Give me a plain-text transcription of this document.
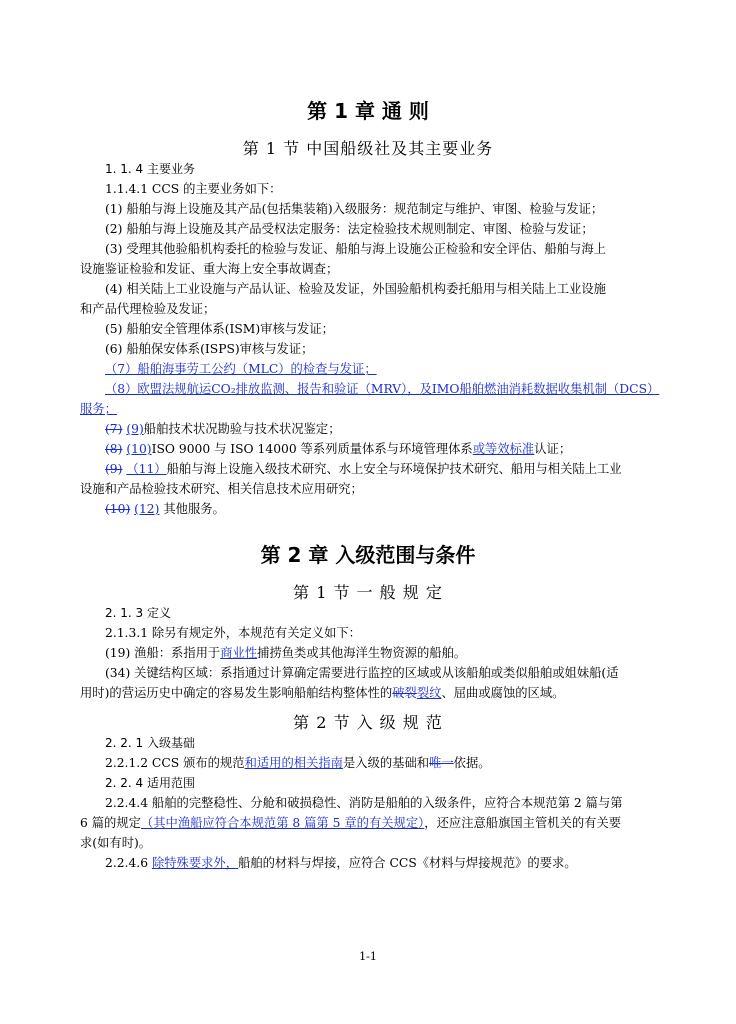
第 1 章 通 则
第 1 节 中国船级社及其主要业务
1. 1. 4 主要业务
1.1.4.1 CCS 的主要业务如下：
(1) 船舶与海上设施及其产品(包括集装箱)入级服务：规范制定与维护、审图、检验与发证；
(2) 船舶与海上设施及其产品受权法定服务：法定检验技术规则制定、审图、检验与发证；
(3) 受理其他验船机构委托的检验与发证、船舶与海上设施公正检验和安全评估、船舶与海上
设施鉴证检验和发证、重大海上安全事故调查；
(4) 相关陆上工业设施与产品认证、检验及发证，外国验船机构委托船用与相关陆上工业设施
和产品代理检验及发证；
(5) 船舶安全管理体系(ISM)审核与发证；
(6) 船舶保安体系(ISPS)审核与发证；
（7）船舶海事劳工公约（MLC）的检查与发证；
（8）欧盟法规航运CO₂排放监测、报告和验证（MRV），及IMO船舶燃油消耗数据收集机制（DCS）
服务；
(7) (9)船舶技术状况勘验与技术状况鉴定；
(8) (10)ISO 9000 与 ISO 14000 等系列质量体系与环境管理体系或等效标准认证；
(9) （11）船舶与海上设施入级技术研究、水上安全与环境保护技术研究、船用与相关陆上工业
设施和产品检验技术研究、相关信息技术应用研究；
(10) (12) 其他服务。
第 2 章 入级范围与条件
第 1 节 一 般 规 定
2. 1. 3 定义
2.1.3.1 除另有规定外，本规范有关定义如下：
(19) 渔船：系指用于商业性捕捞鱼类或其他海洋生物资源的船舶。
(34) 关键结构区域：系指通过计算确定需要进行监控的区域或从该船舶或类似船舶或姐妹船(适
用时)的营运历史中确定的容易发生影响船舶结构整体性的破裂裂纹、屈曲或腐蚀的区域。
第 2 节 入 级 规 范
2. 2. 1 入级基础
2.2.1.2 CCS 颁布的规范和适用的相关指南是入级的基础和唯一依据。
2. 2. 4 适用范围
2.2.4.4 船舶的完整稳性、分舱和破损稳性、消防是船舶的入级条件，应符合本规范第 2 篇与第
6 篇的规定（其中渔船应符合本规范第 8 篇第 5 章的有关规定），还应注意船旗国主管机关的有关要
求(如有时)。
2.2.4.6 除特殊要求外，船舶的材料与焊接，应符合 CCS《材料与焊接规范》的要求。
1-1
